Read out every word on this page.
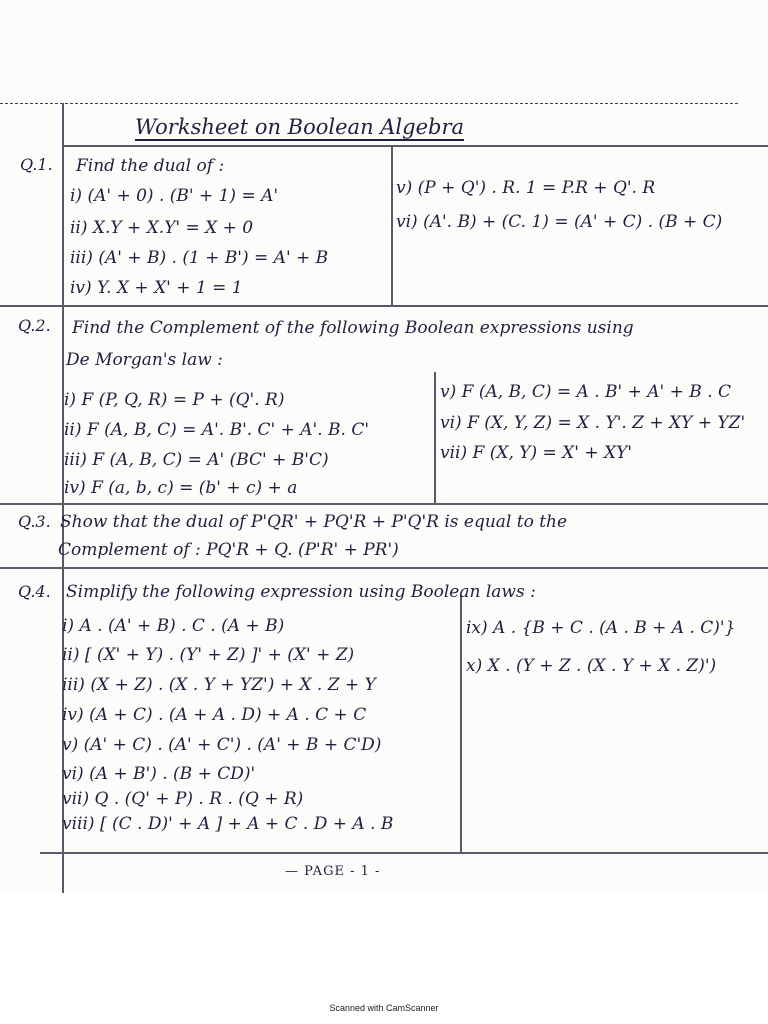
Worksheet on Boolean Algebra
Q.1. Find the dual of :
i) (A' + 0) . (B' + 1) = A'
ii) X.Y + X.Y' = X + 0
iii) (A' + B) . (1 + B') = A' + B
iv) Y. X + X' + 1 = 1
v) (P + Q') . R. 1 = P.R + Q'. R
vi) (A'. B) + (C. 1) = (A' + C) . (B + C)
Q.2. Find the Complement of the following Boolean expressions using
De Morgan's law :
i) F (P, Q, R) = P + (Q'. R)
ii) F (A, B, C) = A'. B'. C' + A'. B. C'
iii) F (A, B, C) = A' (BC' + B'C)
iv) F (a, b, c) = (b' + c) + a
v) F (A, B, C) = A . B' + A' + B . C
vi) F (X, Y, Z) = X . Y'. Z + XY + YZ'
vii) F (X, Y) = X' + XY'
Q.3. Show that the dual of P'QR' + PQ'R + P'Q'R is equal to the
Complement of : PQ'R + Q. (P'R' + PR')
Q.4. Simplify the following expression using Boolean laws :
i) A . (A' + B) . C . (A + B)
ii) [ (X' + Y) . (Y' + Z) ]' + (X' + Z)
iii) (X + Z) . (X . Y + YZ') + X . Z + Y
iv) (A + C) . (A + A . D) + A . C + C
v) (A' + C) . (A' + C') . (A' + B + C'D)
vi) (A + B') . (B + CD)'
vii) Q . (Q' + P) . R . (Q + R)
viii) [ (C . D)' + A ] + A + C . D + A . B
ix) A . {B + C . (A . B + A . C)'}
x) X . (Y + Z . (X . Y + X . Z)')
— PAGE - 1 -
Scanned with CamScanner
